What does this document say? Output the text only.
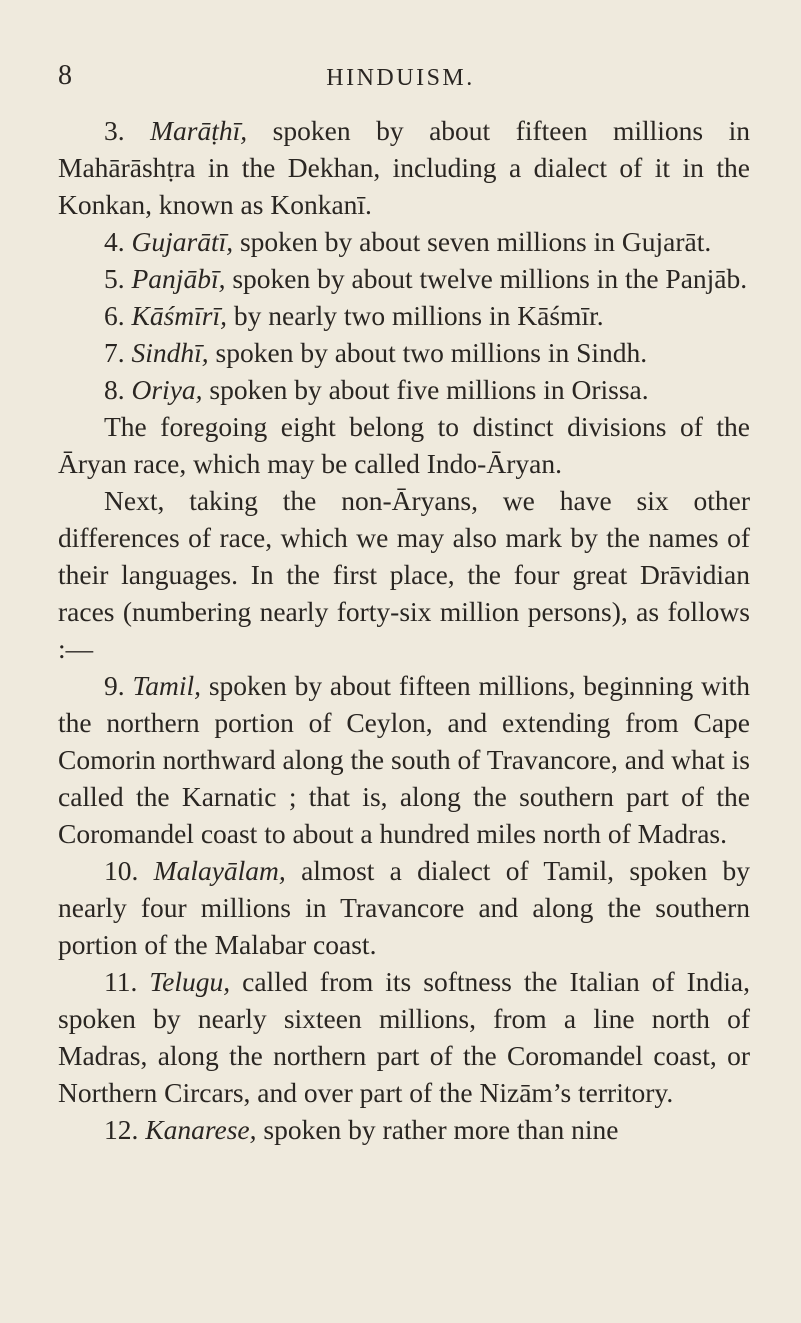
8	HINDUISM.

3. Marāṭhī, spoken by about fifteen millions in Mahārāshṭra in the Dekhan, including a dialect of it in the Konkan, known as Konkanī.

4. Gujarātī, spoken by about seven millions in Gujarāt.

5. Panjābī, spoken by about twelve millions in the Panjāb.

6. Kāśmīrī, by nearly two millions in Kāśmīr.

7. Sindhī, spoken by about two millions in Sindh.

8. Oriya, spoken by about five millions in Orissa.

The foregoing eight belong to distinct divisions of the Āryan race, which may be called Indo-Āryan.

Next, taking the non-Āryans, we have six other differences of race, which we may also mark by the names of their languages. In the first place, the four great Drāvidian races (numbering nearly forty-six million persons), as follows :—

9. Tamil, spoken by about fifteen millions, beginning with the northern portion of Ceylon, and extending from Cape Comorin northward along the south of Travancore, and what is called the Karnatic ; that is, along the southern part of the Coromandel coast to about a hundred miles north of Madras.

10. Malayālam, almost a dialect of Tamil, spoken by nearly four millions in Travancore and along the southern portion of the Malabar coast.

11. Telugu, called from its softness the Italian of India, spoken by nearly sixteen millions, from a line north of Madras, along the northern part of the Coromandel coast, or Northern Circars, and over part of the Nizām’s territory.

12. Kanarese, spoken by rather more than nine
